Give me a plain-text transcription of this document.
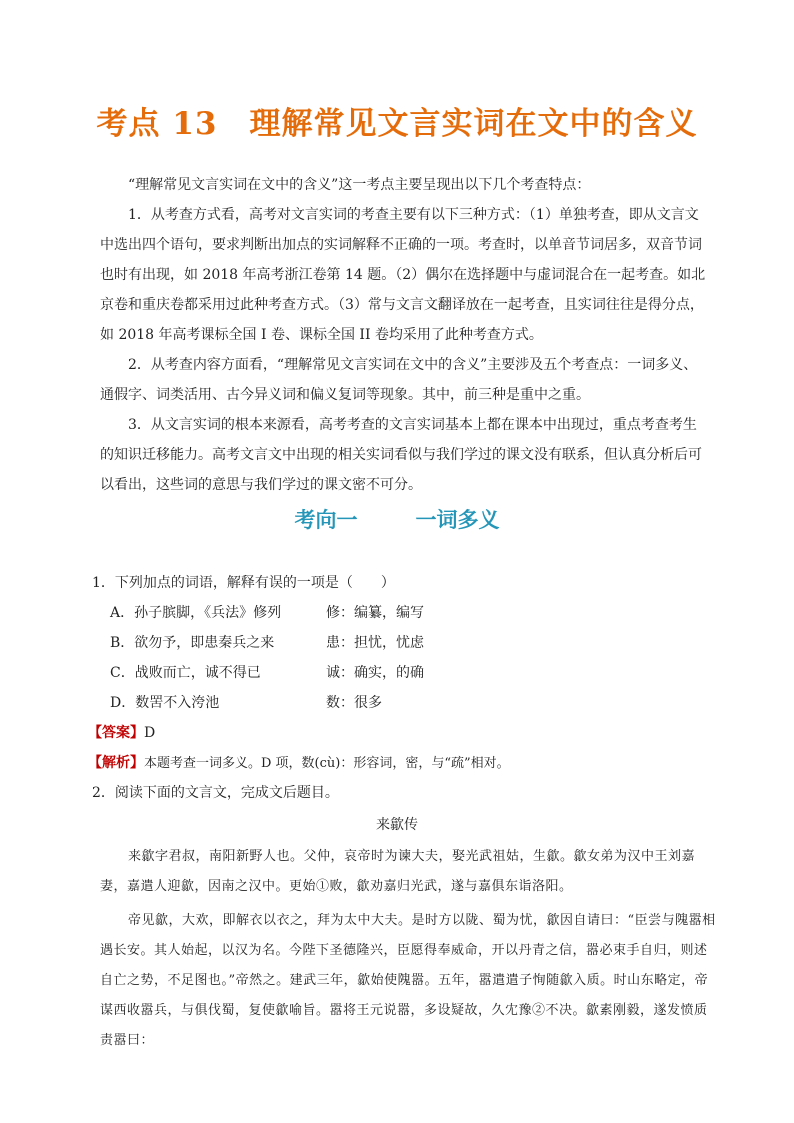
考点 13　理解常见文言实词在文中的含义
“理解常见文言实词在文中的含义”这一考点主要呈现出以下几个考查特点：
1．从考查方式看，高考对文言实词的考查主要有以下三种方式：（1）单独考查，即从文言文中选出四个语句，要求判断出加点的实词解释不正确的一项。考查时，以单音节词居多，双音节词也时有出现，如 2018 年高考浙江卷第 14 题。（2）偶尔在选择题中与虚词混合在一起考查。如北京卷和重庆卷都采用过此种考查方式。（3）常与文言文翻译放在一起考查，且实词往往是得分点，如 2018 年高考课标全国 I 卷、课标全国 II 卷均采用了此种考查方式。
2．从考查内容方面看，“理解常见文言实词在文中的含义”主要涉及五个考查点：一词多义、通假字、词类活用、古今异义词和偏义复词等现象。其中，前三种是重中之重。
3．从文言实词的根本来源看，高考考查的文言实词基本上都在课本中出现过，重点考查考生的知识迁移能力。高考文言文中出现的相关实词看似与我们学过的课文没有联系，但认真分析后可以看出，这些词的意思与我们学过的课文密不可分。
考向一	一词多义
1．下列加点的词语，解释有误的一项是（　　）
A．孙子膑脚，《兵法》修列	修：编纂，编写
B．欲勿予，即患秦兵之来	患：担忧，忧虑
C．战败而亡，诚不得已	诚：确实，的确
D．数罟不入洿池	数：很多
【答案】D
【解析】本题考查一词多义。D 项，数(cù)：形容词，密，与“疏”相对。
2．阅读下面的文言文，完成文后题目。
来歙传
来歙字君叔，南阳新野人也。父仲，哀帝时为谏大夫，娶光武祖姑，生歙。歙女弟为汉中王刘嘉妻，嘉遣人迎歙，因南之汉中。更始①败，歙劝嘉归光武，遂与嘉俱东诣洛阳。
帝见歙，大欢，即解衣以衣之，拜为太中大夫。是时方以陇、蜀为忧，歙因自请曰：“臣尝与隗嚣相遇长安。其人始起，以汉为名。今陛下圣德隆兴，臣愿得奉威命，开以丹青之信，嚣必束手自归，则述自亡之势，不足图也。”帝然之。建武三年，歙始使隗嚣。五年，嚣遣遣子恂随歙入质。时山东略定，帝谋西收嚣兵，与俱伐蜀，复使歙喻旨。嚣将王元说嚣，多设疑故，久冘豫②不决。歙素刚毅，遂发愤质责嚣曰：
